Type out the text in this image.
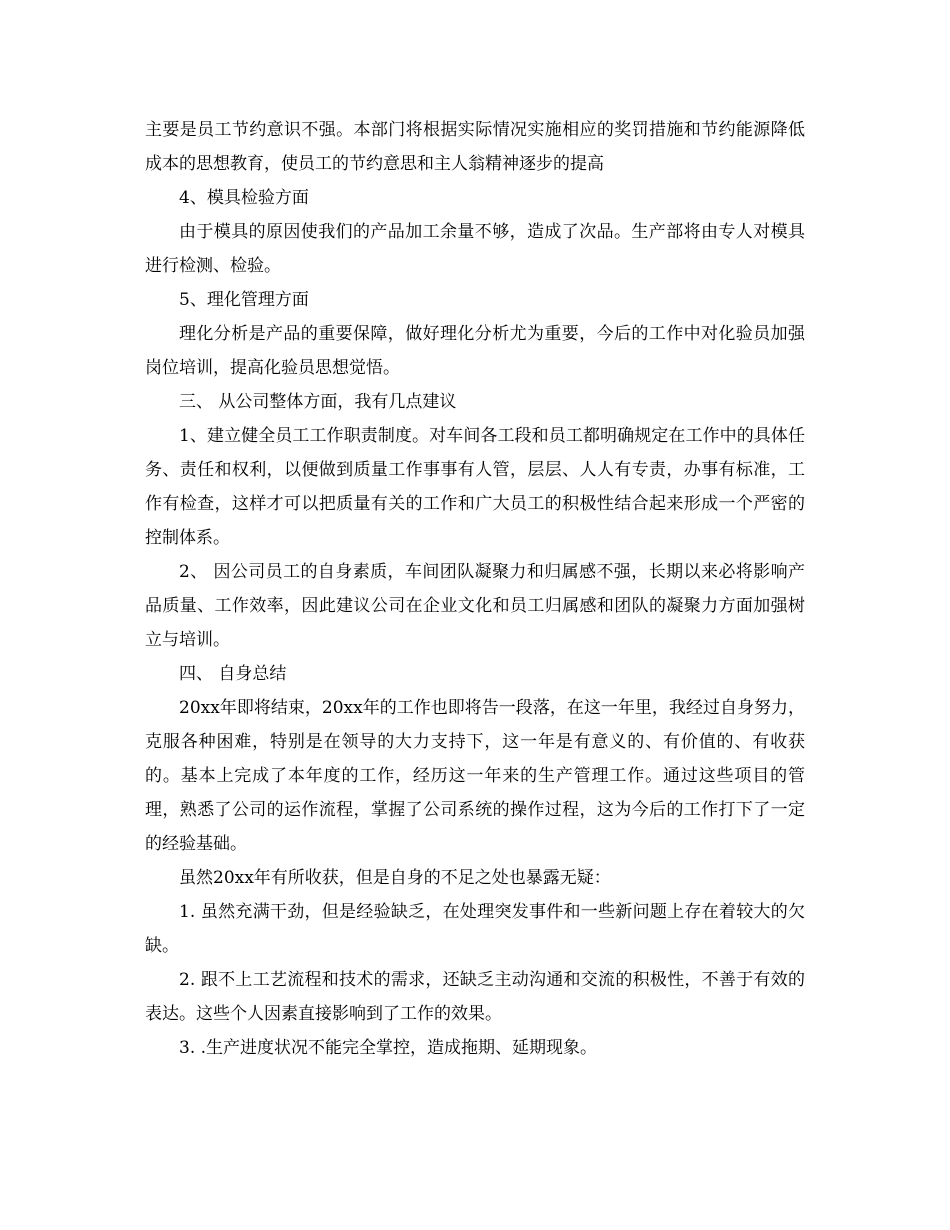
主要是员工节约意识不强。本部门将根据实际情况实施相应的奖罚措施和节约能源降低成本的思想教育，使员工的节约意思和主人翁精神逐步的提高

4、模具检验方面

由于模具的原因使我们的产品加工余量不够，造成了次品。生产部将由专人对模具进行检测、检验。

5、理化管理方面

理化分析是产品的重要保障，做好理化分析尤为重要，今后的工作中对化验员加强岗位培训，提高化验员思想觉悟。

三、 从公司整体方面，我有几点建议

1、建立健全员工工作职责制度。对车间各工段和员工都明确规定在工作中的具体任务、责任和权利，以便做到质量工作事事有人管，层层、人人有专责，办事有标准，工作有检查，这样才可以把质量有关的工作和广大员工的积极性结合起来形成一个严密的控制体系。

2、 因公司员工的自身素质，车间团队凝聚力和归属感不强，长期以来必将影响产品质量、工作效率，因此建议公司在企业文化和员工归属感和团队的凝聚力方面加强树立与培训。

四、 自身总结

20xx年即将结束，20xx年的工作也即将告一段落，在这一年里，我经过自身努力，克服各种困难，特别是在领导的大力支持下，这一年是有意义的、有价值的、有收获的。基本上完成了本年度的工作，经历这一年来的生产管理工作。通过这些项目的管理，熟悉了公司的运作流程，掌握了公司系统的操作过程，这为今后的工作打下了一定的经验基础。

虽然20xx年有所收获，但是自身的不足之处也暴露无疑：

1. 虽然充满干劲，但是经验缺乏，在处理突发事件和一些新问题上存在着较大的欠缺。

2. 跟不上工艺流程和技术的需求，还缺乏主动沟通和交流的积极性，不善于有效的表达。这些个人因素直接影响到了工作的效果。

3. .生产进度状况不能完全掌控，造成拖期、延期现象。
